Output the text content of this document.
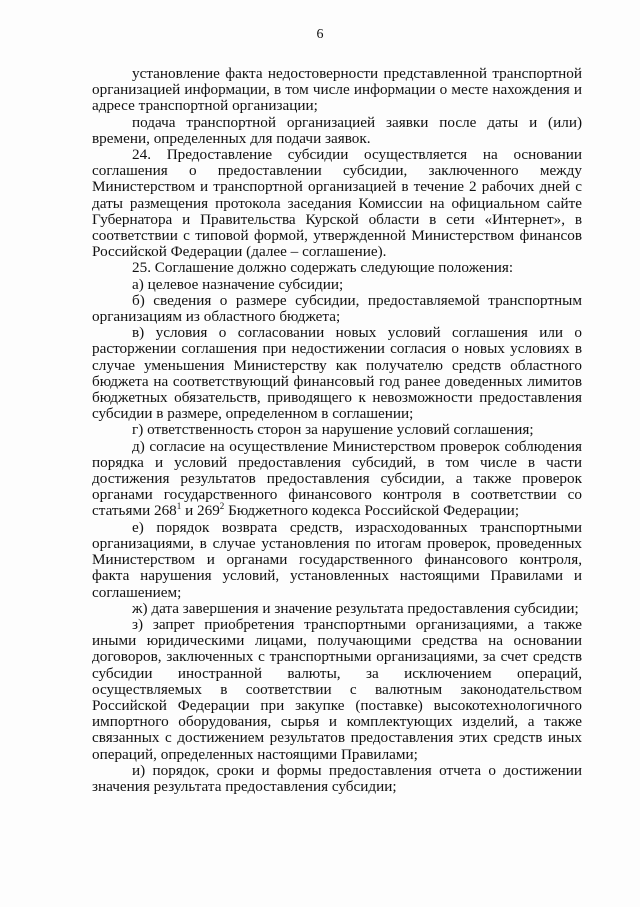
6

установление факта недостоверности представленной транспортной организацией информации, в том числе информации о месте нахождения и адресе транспортной организации;

подача транспортной организацией заявки после даты и (или) времени, определенных для подачи заявок.

24. Предоставление субсидии осуществляется на основании соглашения о предоставлении субсидии, заключенного между Министерством и транспортной организацией в течение 2 рабочих дней с даты размещения протокола заседания Комиссии на официальном сайте Губернатора и Правительства Курской области в сети «Интернет», в соответствии с типовой формой, утвержденной Министерством финансов Российской Федерации (далее – соглашение).

25. Соглашение должно содержать следующие положения:

а) целевое назначение субсидии;

б) сведения о размере субсидии, предоставляемой транспортным организациям из областного бюджета;

в) условия о согласовании новых условий соглашения или о расторжении соглашения при недостижении согласия о новых условиях в случае уменьшения Министерству как получателю средств областного бюджета на соответствующий финансовый год ранее доведенных лимитов бюджетных обязательств, приводящего к невозможности предоставления субсидии в размере, определенном в соглашении;

г) ответственность сторон за нарушение условий соглашения;

д) согласие на осуществление Министерством проверок соблюдения порядка и условий предоставления субсидий, в том числе в части достижения результатов предоставления субсидии, а также проверок органами государственного финансового контроля в соответствии со статьями $268^1$ и $269^2$ Бюджетного кодекса Российской Федерации;

е) порядок возврата средств, израсходованных транспортными организациями, в случае установления по итогам проверок, проведенных Министерством и органами государственного финансового контроля, факта нарушения условий, установленных настоящими Правилами и соглашением;

ж) дата завершения и значение результата предоставления субсидии;

з) запрет приобретения транспортными организациями, а также иными юридическими лицами, получающими средства на основании договоров, заключенных с транспортными организациями, за счет средств субсидии иностранной валюты, за исключением операций, осуществляемых в соответствии с валютным законодательством Российской Федерации при закупке (поставке) высокотехнологичного импортного оборудования, сырья и комплектующих изделий, а также связанных с достижением результатов предоставления этих средств иных операций, определенных настоящими Правилами;

и) порядок, сроки и формы предоставления отчета о достижении значения результата предоставления субсидии;
